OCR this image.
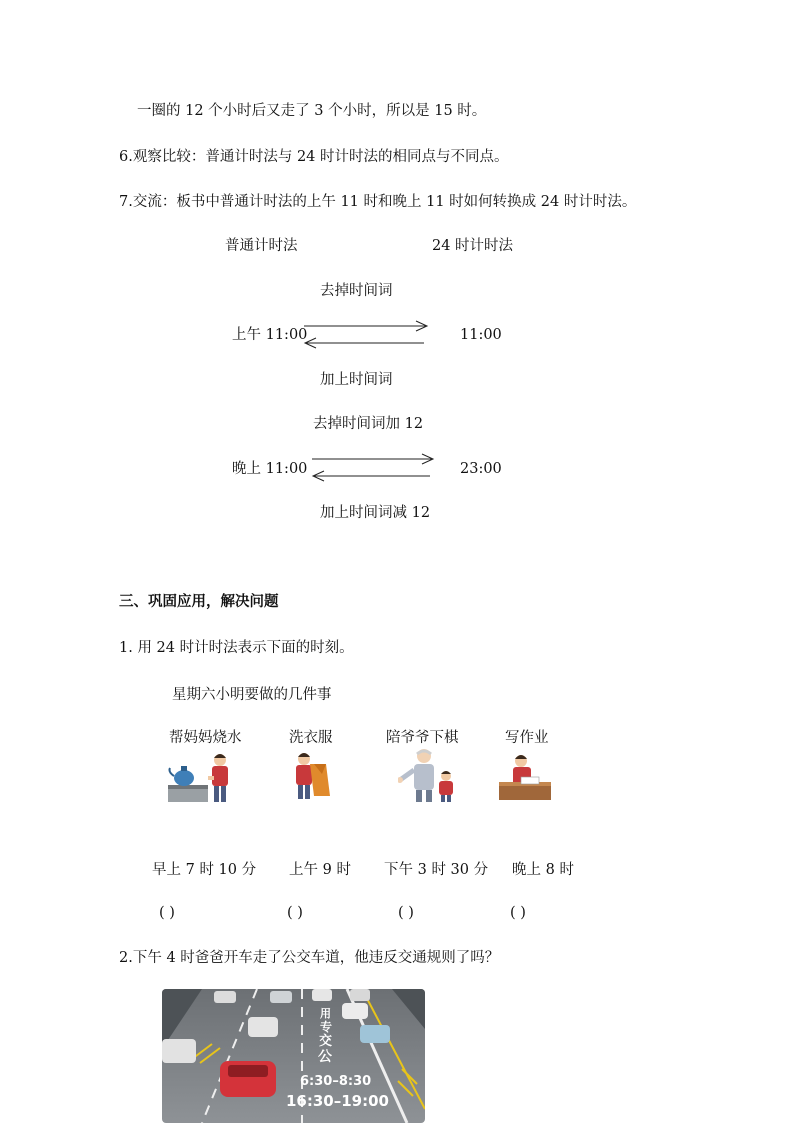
一圈的 12 个小时后又走了 3 个小时，所以是 15 时。
6.观察比较：普通计时法与 24 时计时法的相同点与不同点。
7.交流：板书中普通计时法的上午 11 时和晚上 11 时如何转换成 24 时计时法。
普通计时法	24 时计时法
去掉时间词
上午 11:00	11:00
加上时间词
去掉时间词加 12
晚上 11:00	23:00
加上时间词减 12
三、巩固应用，解决问题
1. 用 24 时计时法表示下面的时刻。
星期六小明要做的几件事
帮妈妈烧水	洗衣服	陪爷爷下棋	写作业
早上 7 时 10 分 上午 9 时 下午 3 时 30 分 晚上 8 时
( )	( )	( )	( )
2.下午 4 时爸爸开车走了公交车道，他违反交通规则了吗？
用
专
交
公
6:30–8:30
16:30–19:00
